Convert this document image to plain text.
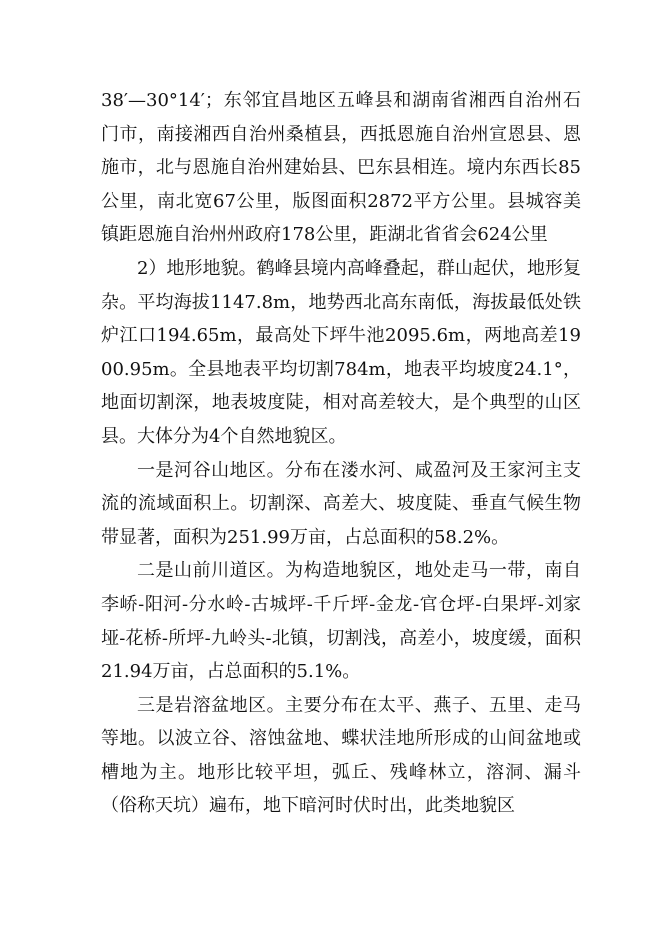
38′—30°14′；东邻宜昌地区五峰县和湖南省湘西自治州石门市，南接湘西自治州桑植县，西抵恩施自治州宣恩县、恩施市，北与恩施自治州建始县、巴东县相连。境内东西长85公里，南北宽67公里，版图面积2872平方公里。县城容美镇距恩施自治州州政府178公里，距湖北省省会624公里

2）地形地貌。鹤峰县境内高峰叠起，群山起伏，地形复杂。平均海拔1147.8m，地势西北高东南低，海拔最低处铁炉江口194.65m，最高处下坪牛池2095.6m，两地高差1900.95m。全县地表平均切割784m，地表平均坡度24.1°，地面切割深，地表坡度陡，相对高差较大，是个典型的山区县。大体分为4个自然地貌区。

一是河谷山地区。分布在溇水河、咸盈河及王家河主支流的流域面积上。切割深、高差大、坡度陡、垂直气候生物带显著，面积为251.99万亩，占总面积的58.2%。

二是山前川道区。为构造地貌区，地处走马一带，南自李峤-阳河-分水岭-古城坪-千斤坪-金龙-官仓坪-白果坪-刘家垭-花桥-所坪-九岭头-北镇，切割浅，高差小，坡度缓，面积21.94万亩，占总面积的5.1%。

三是岩溶盆地区。主要分布在太平、燕子、五里、走马等地。以波立谷、溶蚀盆地、蝶状洼地所形成的山间盆地或槽地为主。地形比较平坦，弧丘、残峰林立，溶洞、漏斗（俗称天坑）遍布，地下暗河时伏时出，此类地貌区
